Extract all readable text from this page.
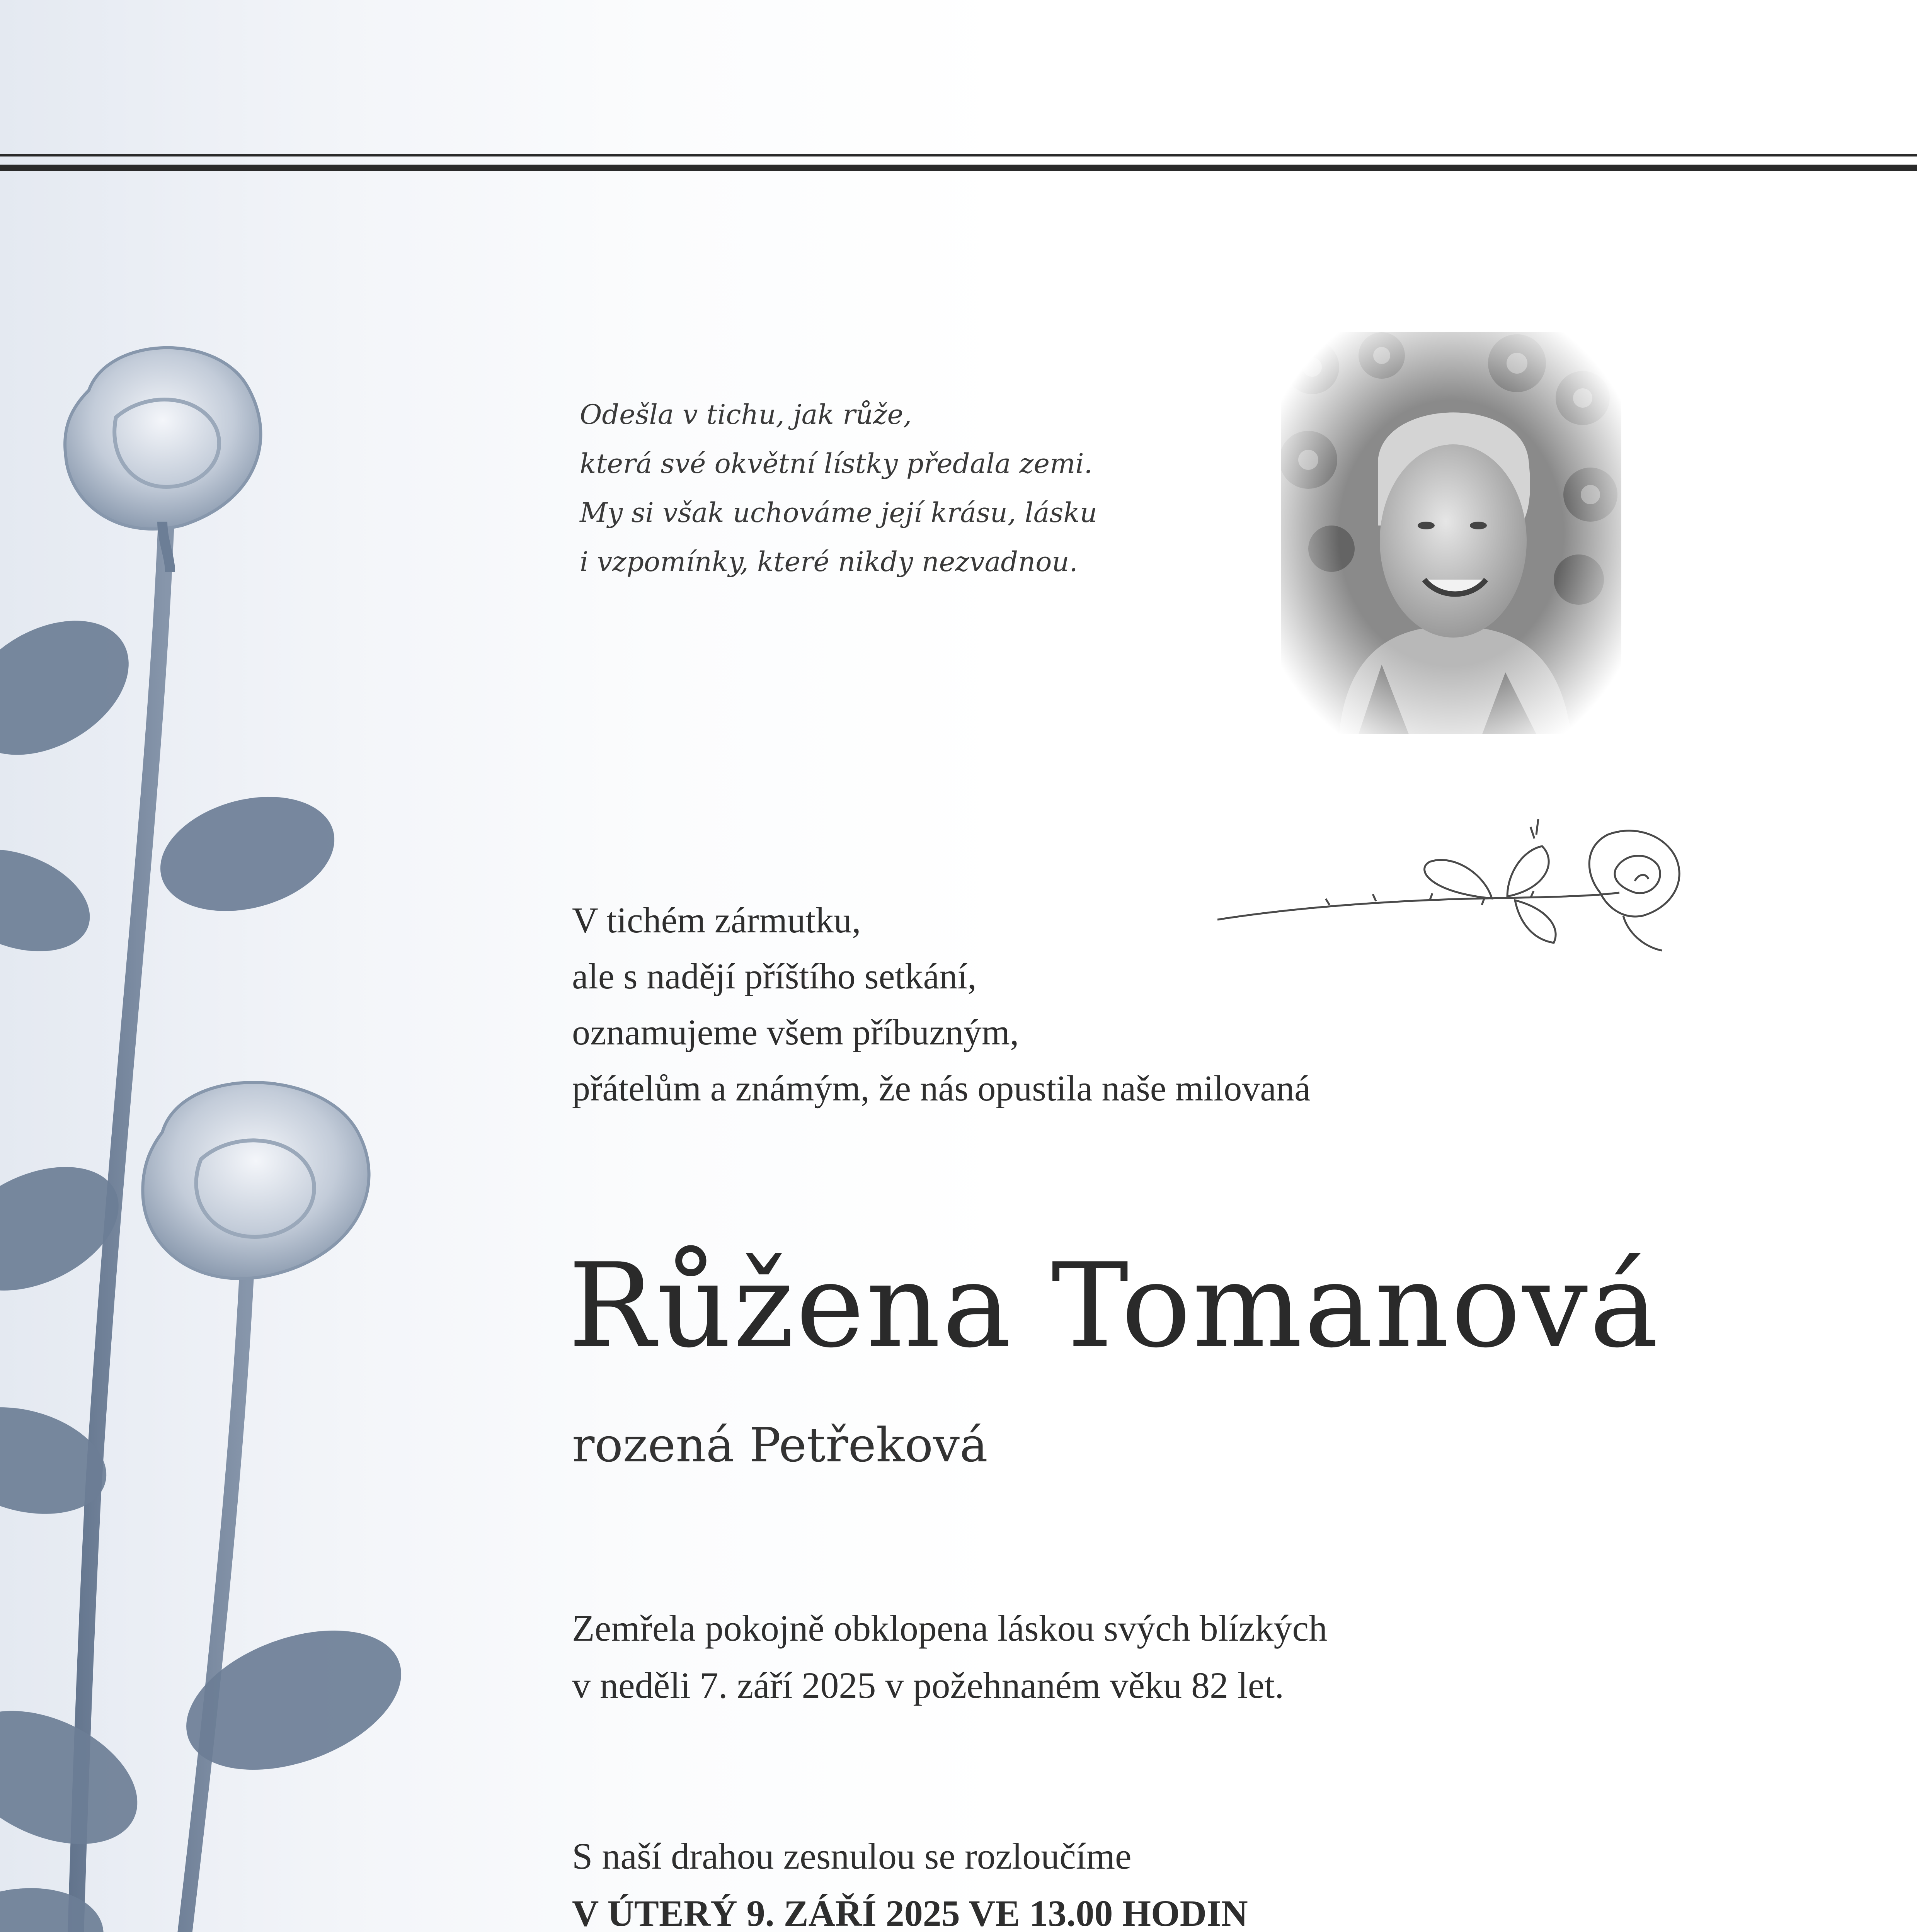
Odešla v tichu, jak růže,
která své okvětní lístky předala zemi.
My si však uchováme její krásu, lásku
i vzpomínky, které nikdy nezvadnou.
V tichém zármutku,
ale s nadějí příštího setkání,
oznamujeme všem příbuzným,
přátelům a známým, že nás opustila naše milovaná
Růžena Tomanová
rozená Petřeková
Zemřela pokojně obklopena láskou svých blízkých
v neděli 7. září 2025 v požehnaném věku 82 let.
S naší drahou zesnulou se rozloučíme
V ÚTERÝ 9. ZÁŘÍ 2025 VE 13.00 HODIN
